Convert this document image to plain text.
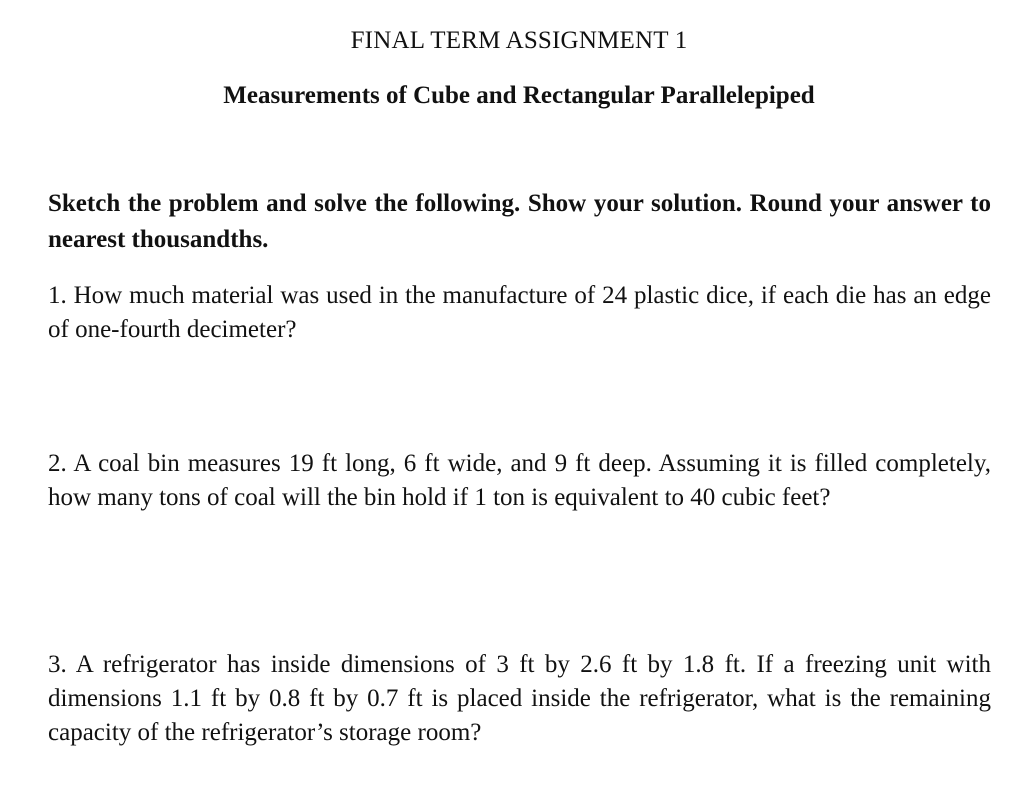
FINAL TERM ASSIGNMENT 1
Measurements of Cube and Rectangular Parallelepiped
Sketch the problem and solve the following. Show your solution. Round your answer to nearest thousandths.
1. How much material was used in the manufacture of 24 plastic dice, if each die has an edge of one-fourth decimeter?
2. A coal bin measures 19 ft long, 6 ft wide, and 9 ft deep. Assuming it is filled completely, how many tons of coal will the bin hold if 1 ton is equivalent to 40 cubic feet?
3. A refrigerator has inside dimensions of 3 ft by 2.6 ft by 1.8 ft. If a freezing unit with dimensions 1.1 ft by 0.8 ft by 0.7 ft is placed inside the refrigerator, what is the remaining capacity of the refrigerator’s storage room?
